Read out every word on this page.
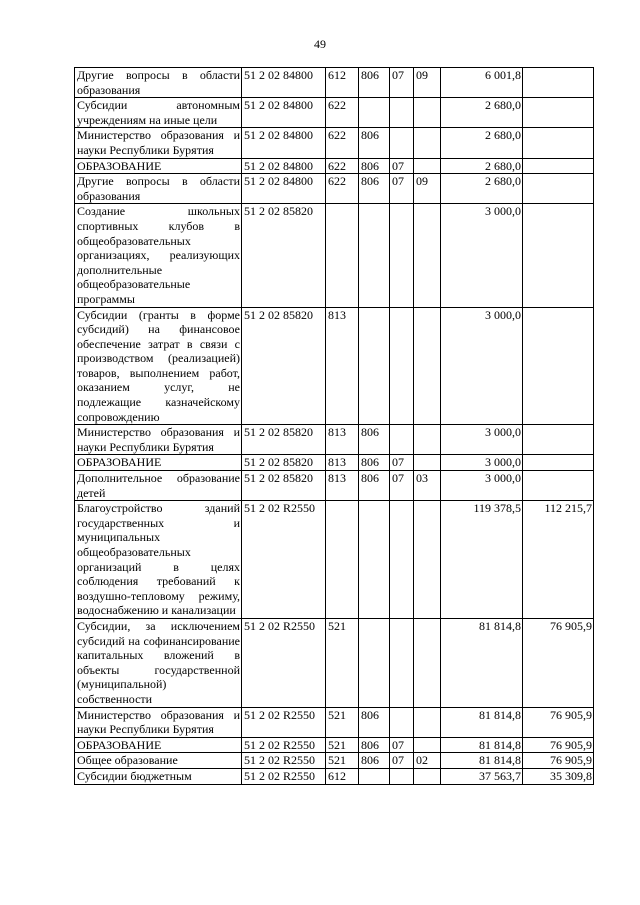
49
Другие вопросы в области образования	51 2 02 84800	612	806	07	09	6 001,8	
Субсидии автономным учреждениям на иные цели	51 2 02 84800	622				2 680,0	
Министерство образования и науки Республики Бурятия	51 2 02 84800	622	806			2 680,0	
ОБРАЗОВАНИЕ	51 2 02 84800	622	806	07		2 680,0	
Другие вопросы в области образования	51 2 02 84800	622	806	07	09	2 680,0	
Создание школьных спортивных клубов в общеобразовательных организациях, реализующих дополнительные общеобразовательные программы	51 2 02 85820					3 000,0	
Субсидии (гранты в форме субсидий) на финансовое обеспечение затрат в связи с производством (реализацией) товаров, выполнением работ, оказанием услуг, не подлежащие казначейскому сопровождению	51 2 02 85820	813				3 000,0	
Министерство образования и науки Республики Бурятия	51 2 02 85820	813	806			3 000,0	
ОБРАЗОВАНИЕ	51 2 02 85820	813	806	07		3 000,0	
Дополнительное образование детей	51 2 02 85820	813	806	07	03	3 000,0	
Благоустройство зданий государственных и муниципальных общеобразовательных организаций в целях соблюдения требований к воздушно-тепловому режиму, водоснабжению и канализации	51 2 02 R2550					119 378,5	112 215,7
Субсидии, за исключением субсидий на софинансирование капитальных вложений в объекты государственной (муниципальной) собственности	51 2 02 R2550	521				81 814,8	76 905,9
Министерство образования и науки Республики Бурятия	51 2 02 R2550	521	806			81 814,8	76 905,9
ОБРАЗОВАНИЕ	51 2 02 R2550	521	806	07		81 814,8	76 905,9
Общее образование	51 2 02 R2550	521	806	07	02	81 814,8	76 905,9
Субсидии бюджетным	51 2 02 R2550	612				37 563,7	35 309,8
